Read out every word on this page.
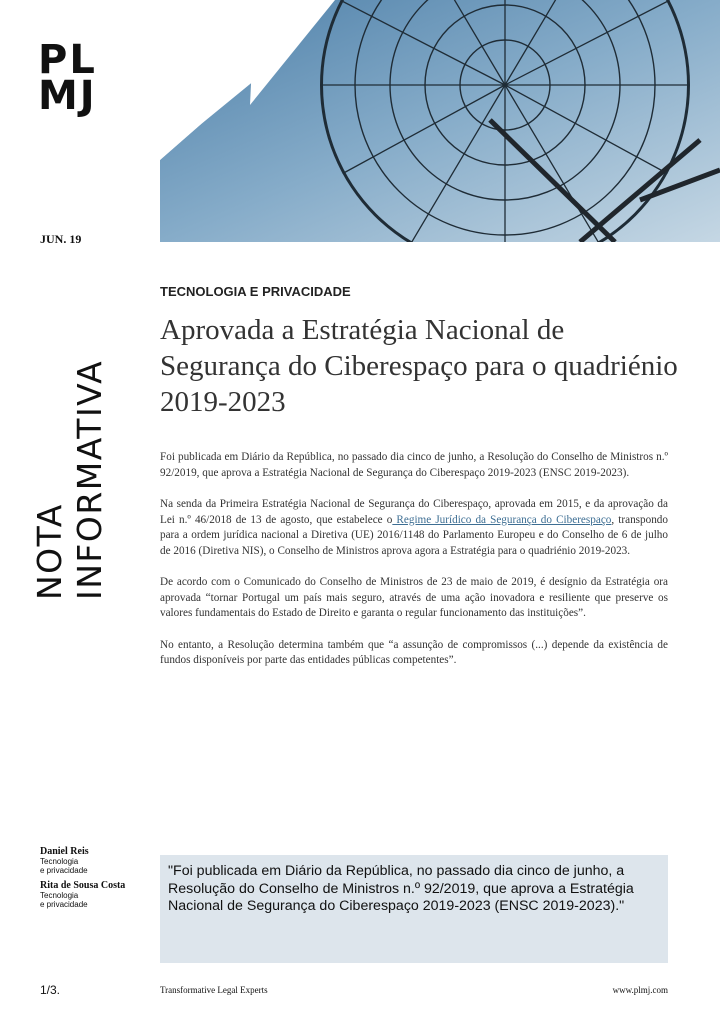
PL
MJ
JUN. 19
NOTA INFORMATIVA
TECNOLOGIA E PRIVACIDADE
Aprovada a Estratégia Nacional de Segurança do Ciberespaço para o quadriénio 2019-2023

Foi publicada em Diário da República, no passado dia cinco de junho, a Resolução do Conselho de Ministros n.º 92/2019, que aprova a Estratégia Nacional de Segurança do Ciberespaço 2019-2023 (ENSC 2019-2023).

Na senda da Primeira Estratégia Nacional de Segurança do Ciberespaço, aprovada em 2015, e da aprovação da Lei n.º 46/2018 de 13 de agosto, que estabelece o Regime Jurídico da Segurança do Ciberespaço, transpondo para a ordem jurídica nacional a Diretiva (UE) 2016/1148 do Parlamento Europeu e do Conselho de 6 de julho de 2016 (Diretiva NIS), o Conselho de Ministros aprova agora a Estratégia para o quadriénio 2019-2023.

De acordo com o Comunicado do Conselho de Ministros de 23 de maio de 2019, é desígnio da Estratégia ora aprovada “tornar Portugal um país mais seguro, através de uma ação inovadora e resiliente que preserve os valores fundamentais do Estado de Direito e garanta o regular funcionamento das instituições”.

No entanto, a Resolução determina também que “a assunção de compromissos (...) depende da existência de fundos disponíveis por parte das entidades públicas competentes”.

Daniel Reis
Tecnologia
e privacidade
Rita de Sousa Costa
Tecnologia
e privacidade
"Foi publicada em Diário da República, no passado dia cinco de junho, a Resolução do Conselho de Ministros n.º 92/2019, que aprova a Estratégia Nacional de Segurança do Ciberespaço 2019-2023 (ENSC 2019-2023)."
1/3.	Transformative Legal Experts	www.plmj.com
